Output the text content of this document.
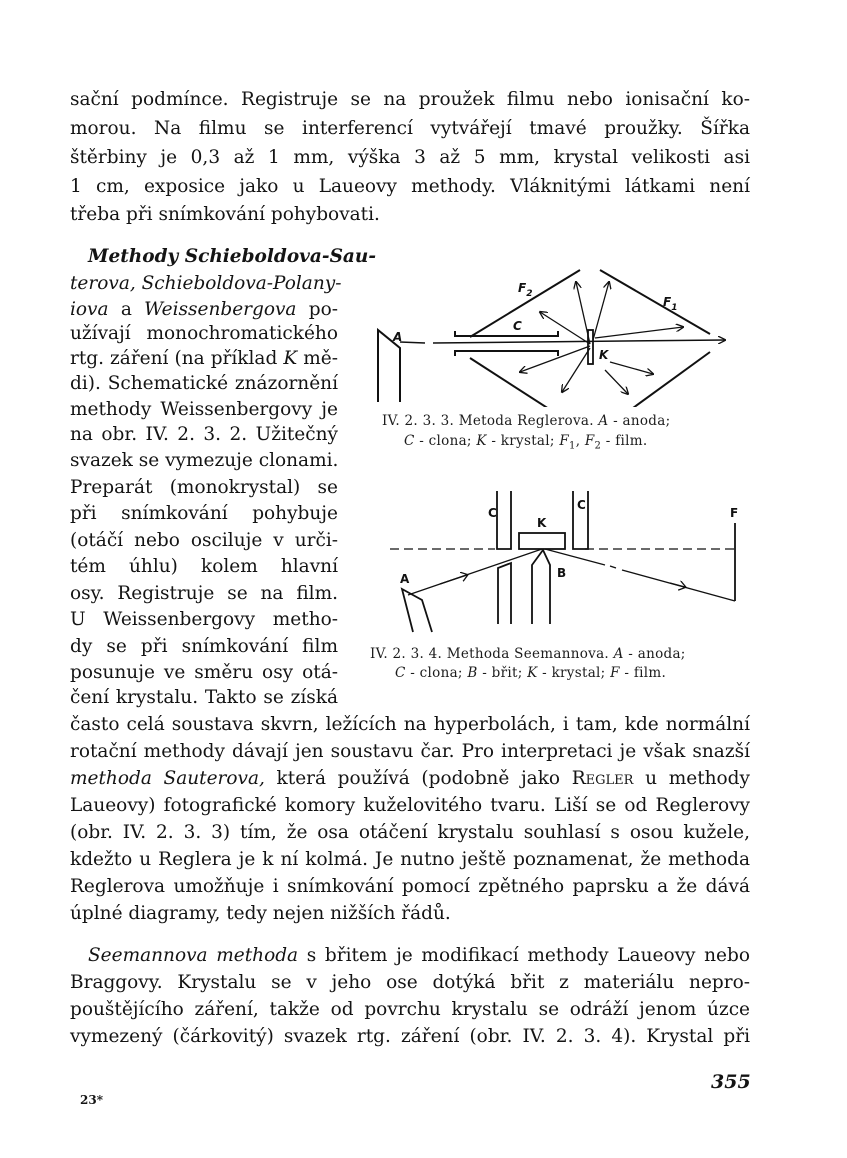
sační podmínce. Registruje se na proužek filmu nebo ionisační ko-
morou. Na filmu se interferencí vytvářejí tmavé proužky. Šířka
štěrbiny je 0,3 až 1 mm, výška 3 až 5 mm, krystal velikosti asi
1 cm, exposice jako u Laueovy methody. Vláknitými látkami není
třeba při snímkování pohybovati.
Methody Schieboldova-Sau-
terova, Schieboldova-Polany-
iova a Weissenbergova po-
užívají monochromatického
rtg. záření (na příklad K mě-
di). Schematické znázornění
methody Weissenbergovy je
na obr. IV. 2. 3. 2. Užitečný
svazek se vymezuje clonami.
Preparát (monokrystal) se
při snímkování pohybuje
(otáčí nebo osciluje v urči-
tém úhlu) kolem hlavní
osy. Registruje se na film.
U Weissenbergovy metho-
dy se při snímkování film
posunuje ve směru osy otá-
čení krystalu. Takto se získá
A
C
K
$F_2$
$F_1$
IV. 2. 3. 3. Metoda Reglerova. A - anoda;
C - clona; K - krystal; $F_1$, $F_2$ - film.
C
C
K
B
A
F
IV. 2. 3. 4. Methoda Seemannova. A - anoda;
C - clona; B - břit; K - krystal; F - film.
často celá soustava skvrn, ležících na hyperbolách, i tam, kde normální
rotační methody dávají jen soustavu čar. Pro interpretaci je však snazší
methoda Sauterova, která používá (podobně jako Regler u methody
Laueovy) fotografické komory kuželovitého tvaru. Liší se od Reglerovy
(obr. IV. 2. 3. 3) tím, že osa otáčení krystalu souhlasí s osou kužele,
kdežto u Reglera je k ní kolmá. Je nutno ještě poznamenat, že methoda
Reglerova umožňuje i snímkování pomocí zpětného paprsku a že dává
úplné diagramy, tedy nejen nižších řádů.
Seemannova methoda s břitem je modifikací methody Laueovy nebo
Braggovy. Krystalu se v jeho ose dotýká břit z materiálu nepro-
pouštějícího záření, takže od povrchu krystalu se odráží jenom úzce
vymezený (čárkovitý) svazek rtg. záření (obr. IV. 2. 3. 4). Krystal při
23*
355
